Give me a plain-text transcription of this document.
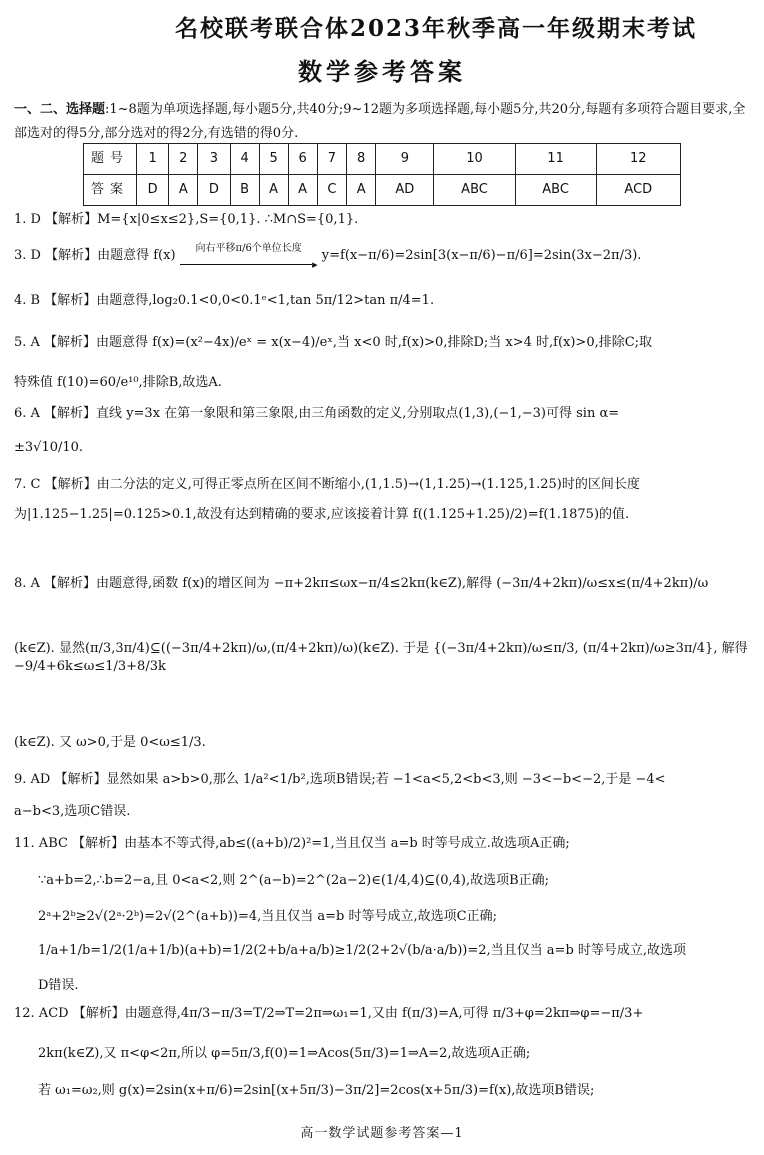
名校联考联合体2023年秋季高一年级期末考试
数学参考答案
一、二、选择题:1~8题为单项选择题,每小题5分,共40分;9~12题为多项选择题,每小题5分,共20分,每题有多项符合题目要求,全部选对的得5分,部分选对的得2分,有选错的得0分.
题号	1	2	3	4	5	6	7	8	9	10	11	12
答案	D	A	D	B	A	A	C	A	AD	ABC	ABC	ACD
1. D 【解析】M={x|0≤x≤2},S={0,1}. ∴M∩S={0,1}.
3. D 【解析】由题意得 f(x)	向右平移π/6个单位长度
▸
y=f(x−π/6)=2sin[3(x−π/6)−π/6]=2sin(3x−2π/3).
4. B 【解析】由题意得,log₂0.1<0,0<0.1ᵉ<1,tan 5π/12>tan π/4=1.
5. A 【解析】由题意得 f(x)=(x²−4x)/eˣ = x(x−4)/eˣ,当 x<0 时,f(x)>0,排除D;当 x>4 时,f(x)>0,排除C;取
特殊值 f(10)=60/e¹⁰,排除B,故选A.
6. A 【解析】直线 y=3x 在第一象限和第三象限,由三角函数的定义,分别取点(1,3),(−1,−3)可得 sin α=
±3√10/10.
7. C 【解析】由二分法的定义,可得正零点所在区间不断缩小,(1,1.5)→(1,1.25)→(1.125,1.25)时的区间长度为|1.125−1.25|=0.125>0.1,故没有达到精确的要求,应该接着计算 f((1.125+1.25)/2)=f(1.1875)的值.
8. A 【解析】由题意得,函数 f(x)的增区间为 −π+2kπ≤ωx−π/4≤2kπ(k∈Z),解得 (−3π/4+2kπ)/ω≤x≤(π/4+2kπ)/ω
(k∈Z). 显然(π/3,3π/4)⊆((−3π/4+2kπ)/ω,(π/4+2kπ)/ω)(k∈Z). 于是 {(−3π/4+2kπ)/ω≤π/3, (π/4+2kπ)/ω≥3π/4}, 解得 −9/4+6k≤ω≤1/3+8/3k
(k∈Z). 又 ω>0,于是 0<ω≤1/3.
9. AD 【解析】显然如果 a>b>0,那么 1/a²<1/b²,选项B错误;若 −1<a<5,2<b<3,则 −3<−b<−2,于是 −4<
a−b<3,选项C错误.
11. ABC 【解析】由基本不等式得,ab≤((a+b)/2)²=1,当且仅当 a=b 时等号成立.故选项A正确;
∵a+b=2,∴b=2−a,且 0<a<2,则 2^(a−b)=2^(2a−2)∈(1/4,4)⊆(0,4),故选项B正确;
2ᵃ+2ᵇ≥2√(2ᵃ·2ᵇ)=2√(2^(a+b))=4,当且仅当 a=b 时等号成立,故选项C正确;
1/a+1/b=1/2(1/a+1/b)(a+b)=1/2(2+b/a+a/b)≥1/2(2+2√(b/a·a/b))=2,当且仅当 a=b 时等号成立,故选项
D错误.
12. ACD 【解析】由题意得,4π/3−π/3=T/2⇒T=2π⇒ω₁=1,又由 f(π/3)=A,可得 π/3+φ=2kπ⇒φ=−π/3+
2kπ(k∈Z),又 π<φ<2π,所以 φ=5π/3,f(0)=1⇒Acos(5π/3)=1⇒A=2,故选项A正确;
若 ω₁=ω₂,则 g(x)=2sin(x+π/6)=2sin[(x+5π/3)−3π/2]=2cos(x+5π/3)=f(x),故选项B错误;
高一数学试题参考答案—1
